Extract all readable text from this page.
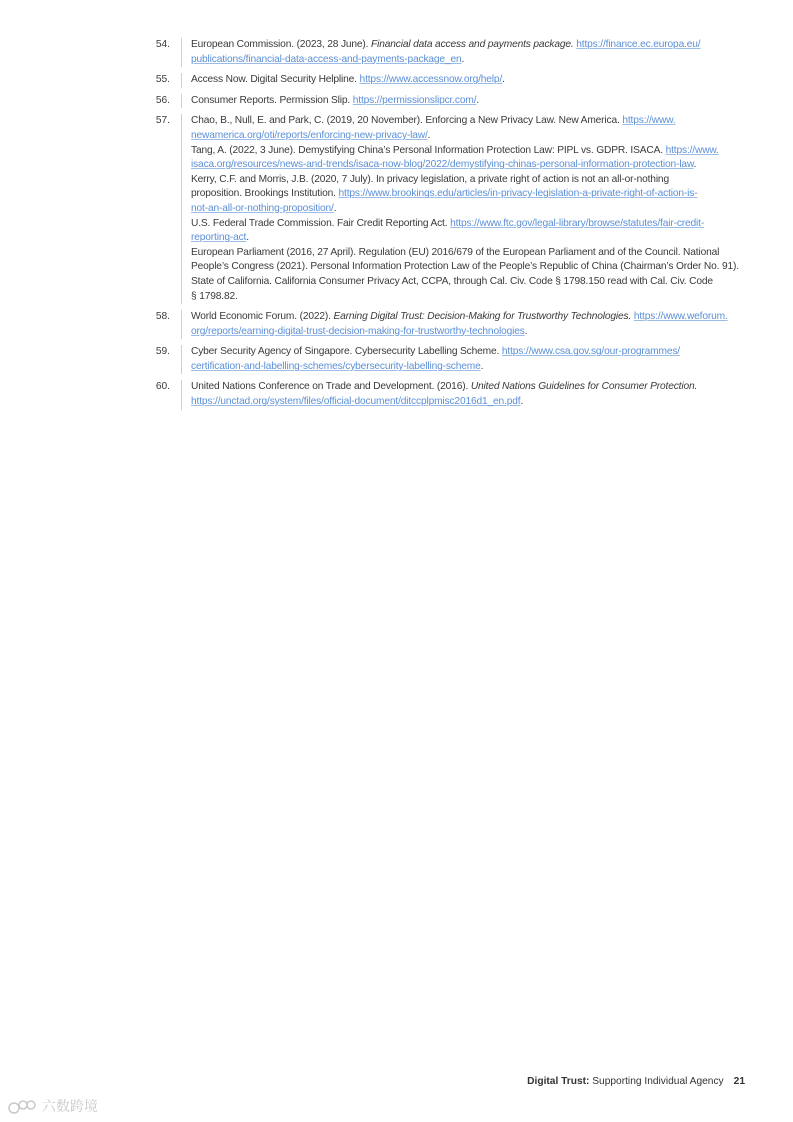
54. European Commission. (2023, 28 June). Financial data access and payments package. https://finance.ec.europa.eu/
publications/financial-data-access-and-payments-package_en.
55. Access Now. Digital Security Helpline. https://www.accessnow.org/help/.
56. Consumer Reports. Permission Slip. https://permissionslipcr.com/.
57. Chao, B., Null, E. and Park, C. (2019, 20 November). Enforcing a New Privacy Law. New America. https://www.
newamerica.org/oti/reports/enforcing-new-privacy-law/.
Tang, A. (2022, 3 June). Demystifying China’s Personal Information Protection Law: PIPL vs. GDPR. ISACA. https://www.
isaca.org/resources/news-and-trends/isaca-now-blog/2022/demystifying-chinas-personal-information-protection-law.
Kerry, C.F. and Morris, J.B. (2020, 7 July). In privacy legislation, a private right of action is not an all-or-nothing
proposition. Brookings Institution. https://www.brookings.edu/articles/in-privacy-legislation-a-private-right-of-action-is-
not-an-all-or-nothing-proposition/.
U.S. Federal Trade Commission. Fair Credit Reporting Act. https://www.ftc.gov/legal-library/browse/statutes/fair-credit-
reporting-act.
European Parliament (2016, 27 April). Regulation (EU) 2016/679 of the European Parliament and of the Council. National
People’s Congress (2021). Personal Information Protection Law of the People’s Republic of China (Chairman’s Order No. 91).
State of California. California Consumer Privacy Act, CCPA, through Cal. Civ. Code § 1798.150 read with Cal. Civ. Code
§ 1798.82.
58. World Economic Forum. (2022). Earning Digital Trust: Decision-Making for Trustworthy Technologies. https://www.weforum.
org/reports/earning-digital-trust-decision-making-for-trustworthy-technologies.
59. Cyber Security Agency of Singapore. Cybersecurity Labelling Scheme. https://www.csa.gov.sg/our-programmes/
certification-and-labelling-schemes/cybersecurity-labelling-scheme.
60. United Nations Conference on Trade and Development. (2016). United Nations Guidelines for Consumer Protection.
https://unctad.org/system/files/official-document/ditccplpmisc2016d1_en.pdf.
Digital Trust: Supporting Individual Agency 21
六数跨境
